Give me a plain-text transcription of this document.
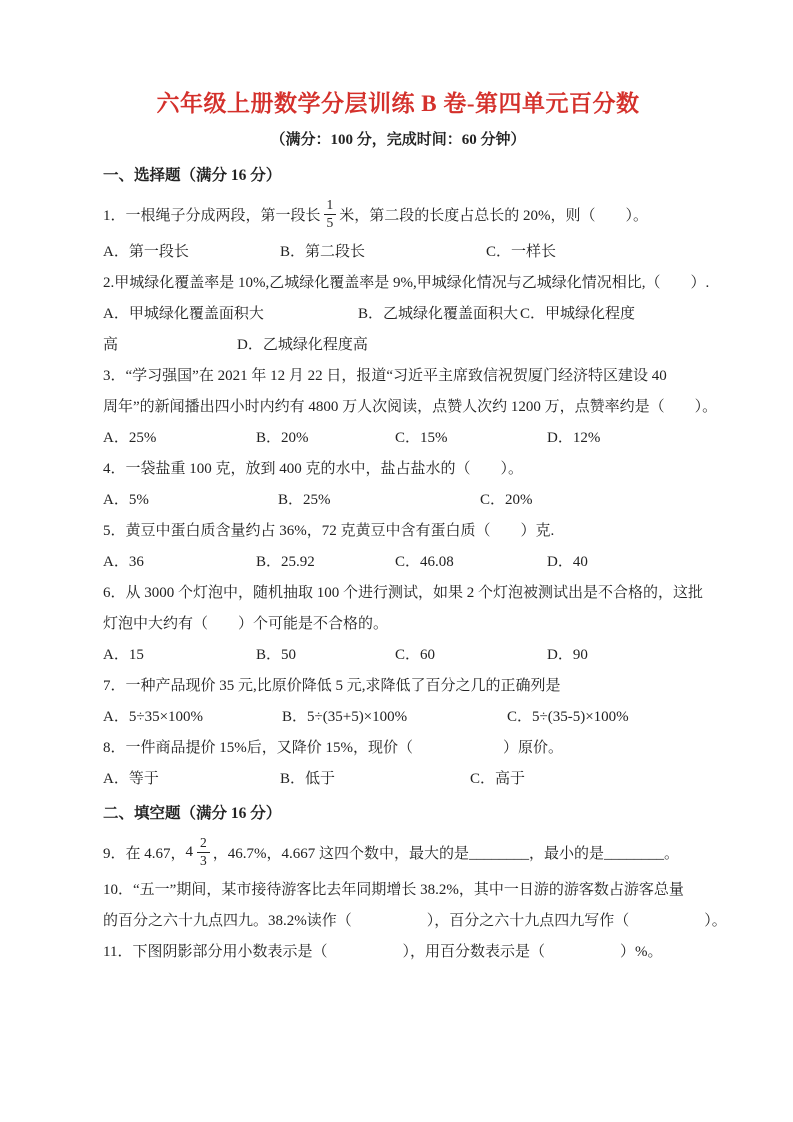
六年级上册数学分层训练 B 卷-第四单元百分数
（满分：100 分，完成时间：60 分钟）
一、选择题（满分 16 分）
1．一根绳子分成两段，第一段长 $\frac{1}{5}$ 米，第二段的长度占总长的 20%，则（　　）。
A．第一段长	B．第二段长	C．一样长
2.甲城绿化覆盖率是 10%,乙城绿化覆盖率是 9%,甲城绿化情况与乙城绿化情况相比,（　　）.
A．甲城绿化覆盖面积大	B．乙城绿化覆盖面积大 C．甲城绿化程度
高	D．乙城绿化程度高
3．“学习强国”在 2021 年 12 月 22 日，报道“习近平主席致信祝贺厦门经济特区建设 40
周年”的新闻播出四小时内约有 4800 万人次阅读，点赞人次约 1200 万，点赞率约是（　　）。
A．25%	B．20%	C．15%	D．12%
4．一袋盐重 100 克，放到 400 克的水中，盐占盐水的（　　）。
A．5%	B．25%	C．20%
5．黄豆中蛋白质含量约占 36%，72 克黄豆中含有蛋白质（　　）克.
A．36	B．25.92	C．46.08	D．40
6．从 3000 个灯泡中，随机抽取 100 个进行测试，如果 2 个灯泡被测试出是不合格的，这批
灯泡中大约有（　　）个可能是不合格的。
A．15	B．50	C．60	D．90
7．一种产品现价 35 元,比原价降低 5 元,求降低了百分之几的正确列是
A．5÷35×100%	B．5÷(35+5)×100%	C．5÷(35-5)×100%
8．一件商品提价 15%后，又降价 15%，现价（　　　　　　）原价。
A．等于	B．低于	C．高于
二、填空题（满分 16 分）
9．在 4.67， $4 \frac{2}{3}$ ，46.7%，4.667 这四个数中，最大的是________，最小的是________。
10．“五一”期间，某市接待游客比去年同期增长 38.2%，其中一日游的游客数占游客总量
的百分之六十九点四九。38.2%读作（　　　　　），百分之六十九点四九写作（　　　　　）。
11．下图阴影部分用小数表示是（　　　　　），用百分数表示是（　　　　　）%。
